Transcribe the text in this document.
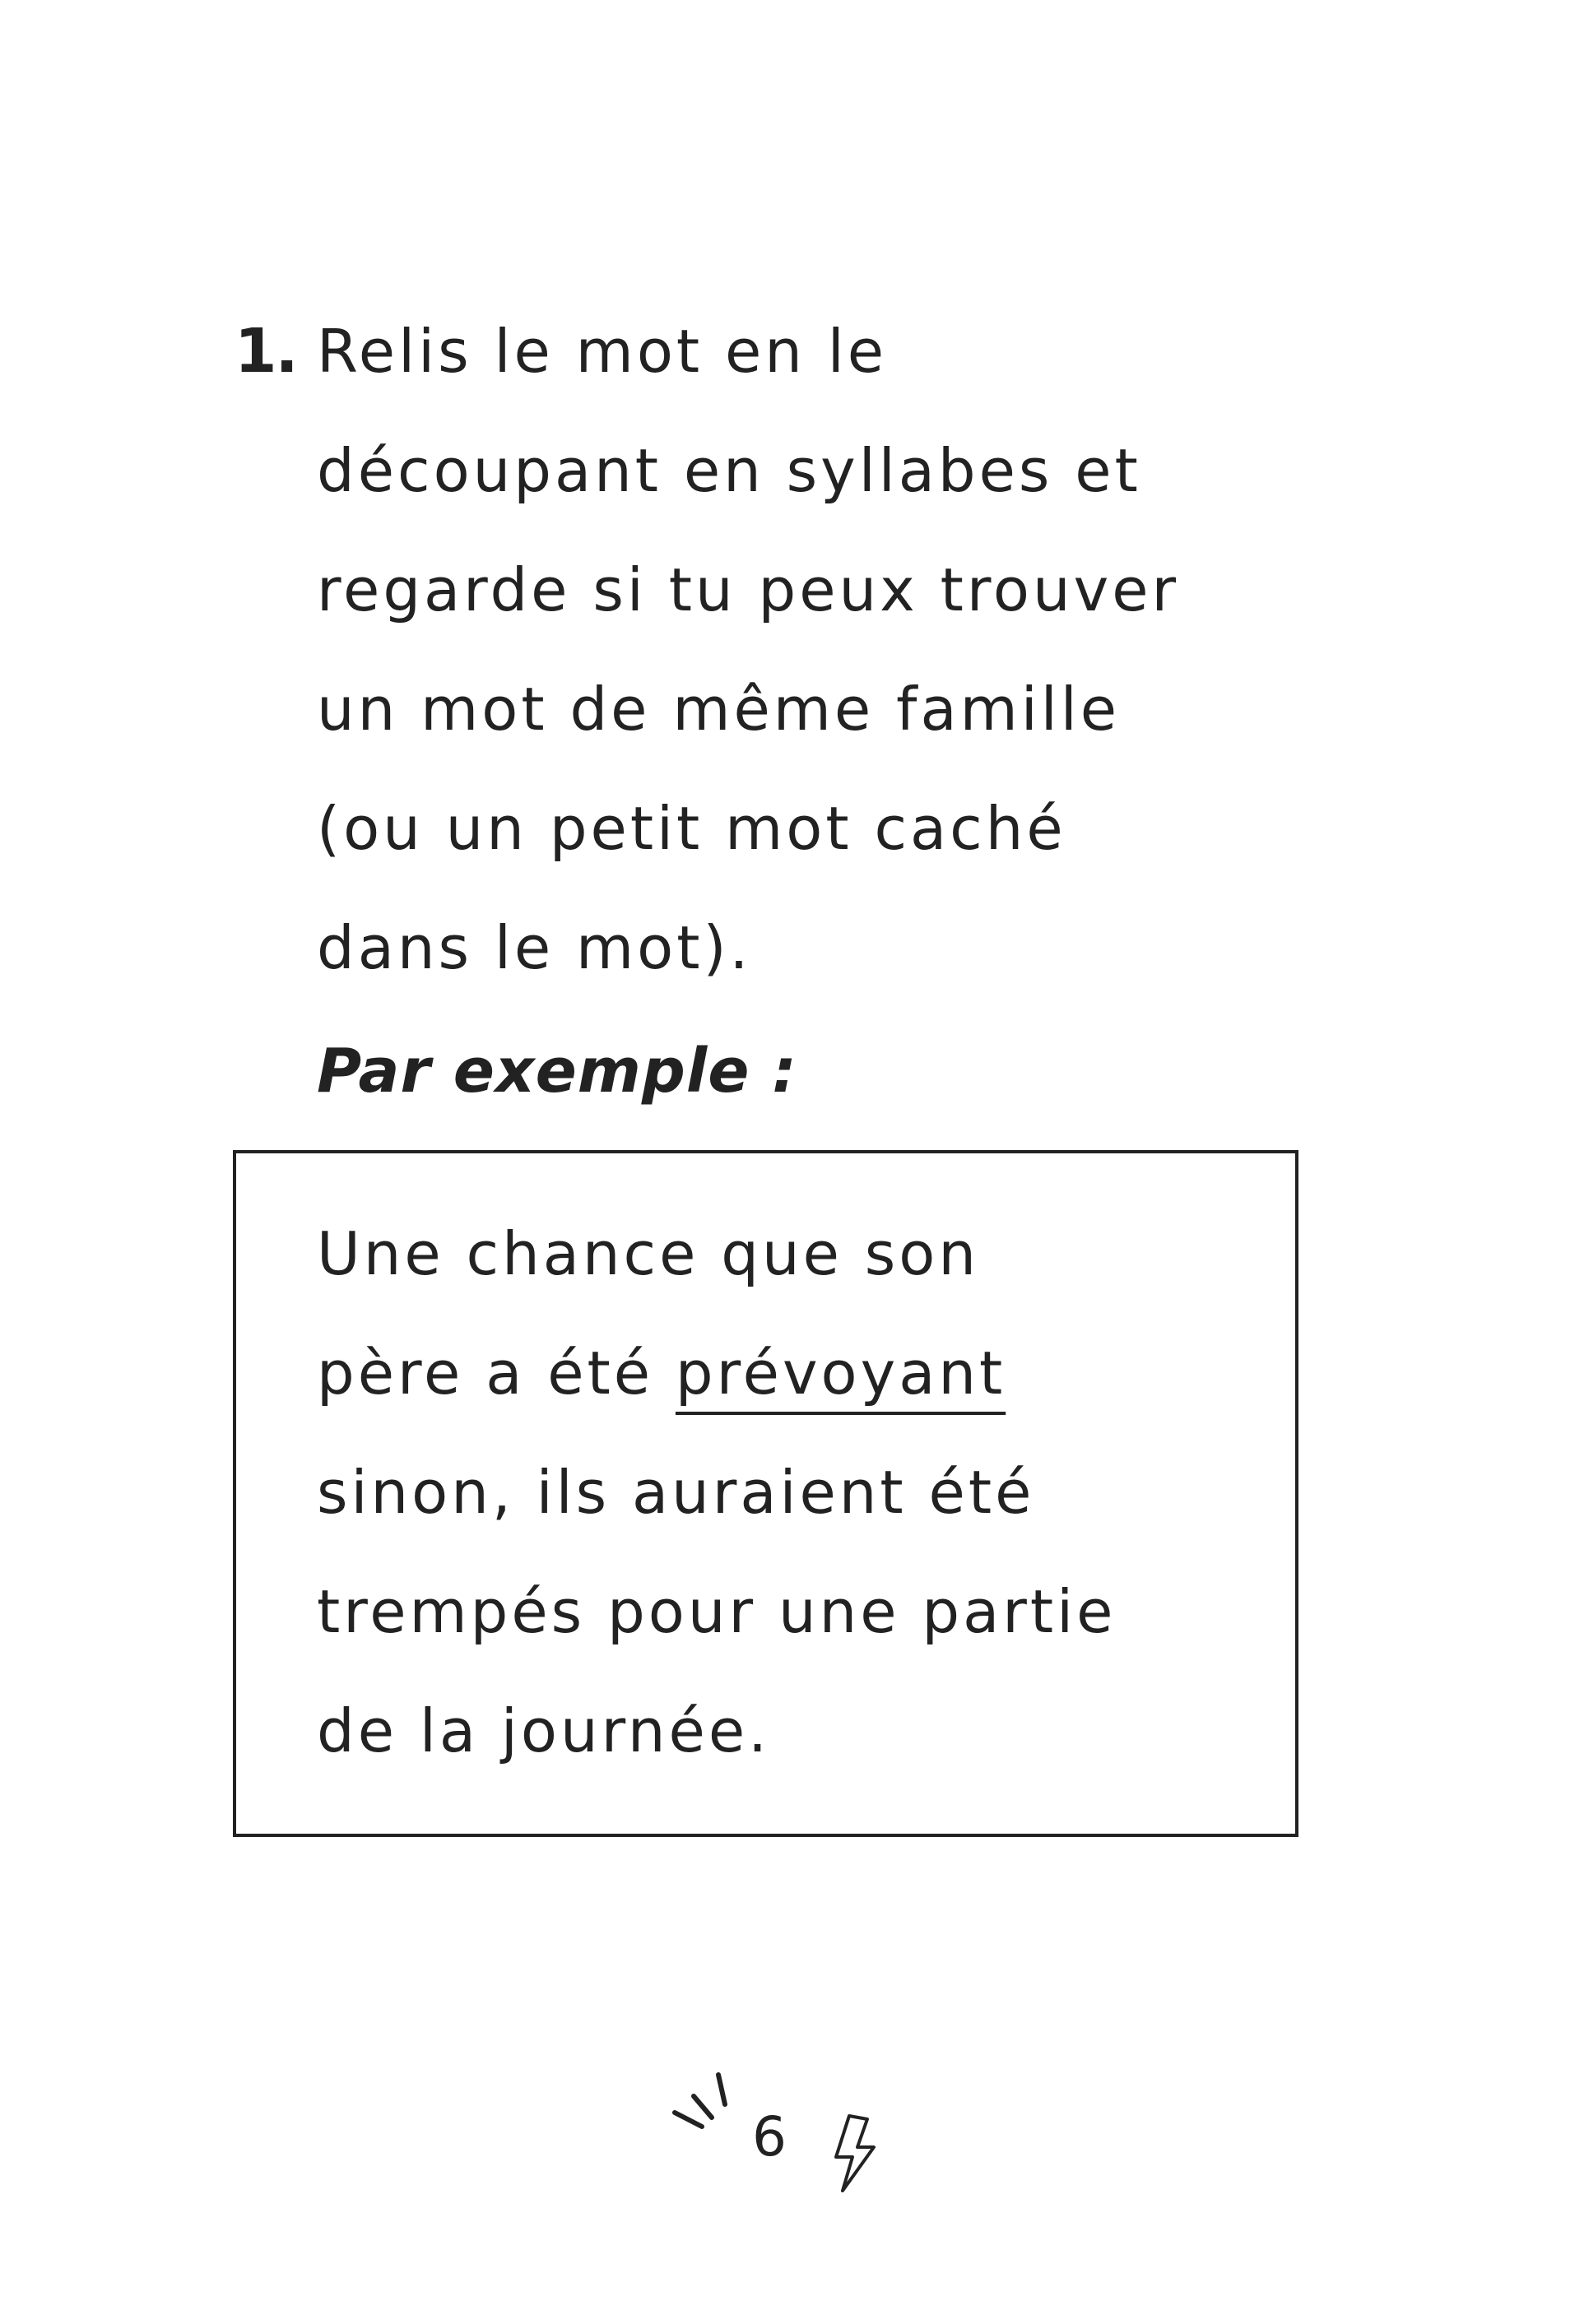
1. Relis le mot en le
découpant en syllabes et
regarde si tu peux trouver
un mot de même famille
(ou un petit mot caché
dans le mot).
Par exemple :
Une chance que son
père a été prévoyant
sinon, ils auraient été
trempés pour une partie
de la journée.
6
